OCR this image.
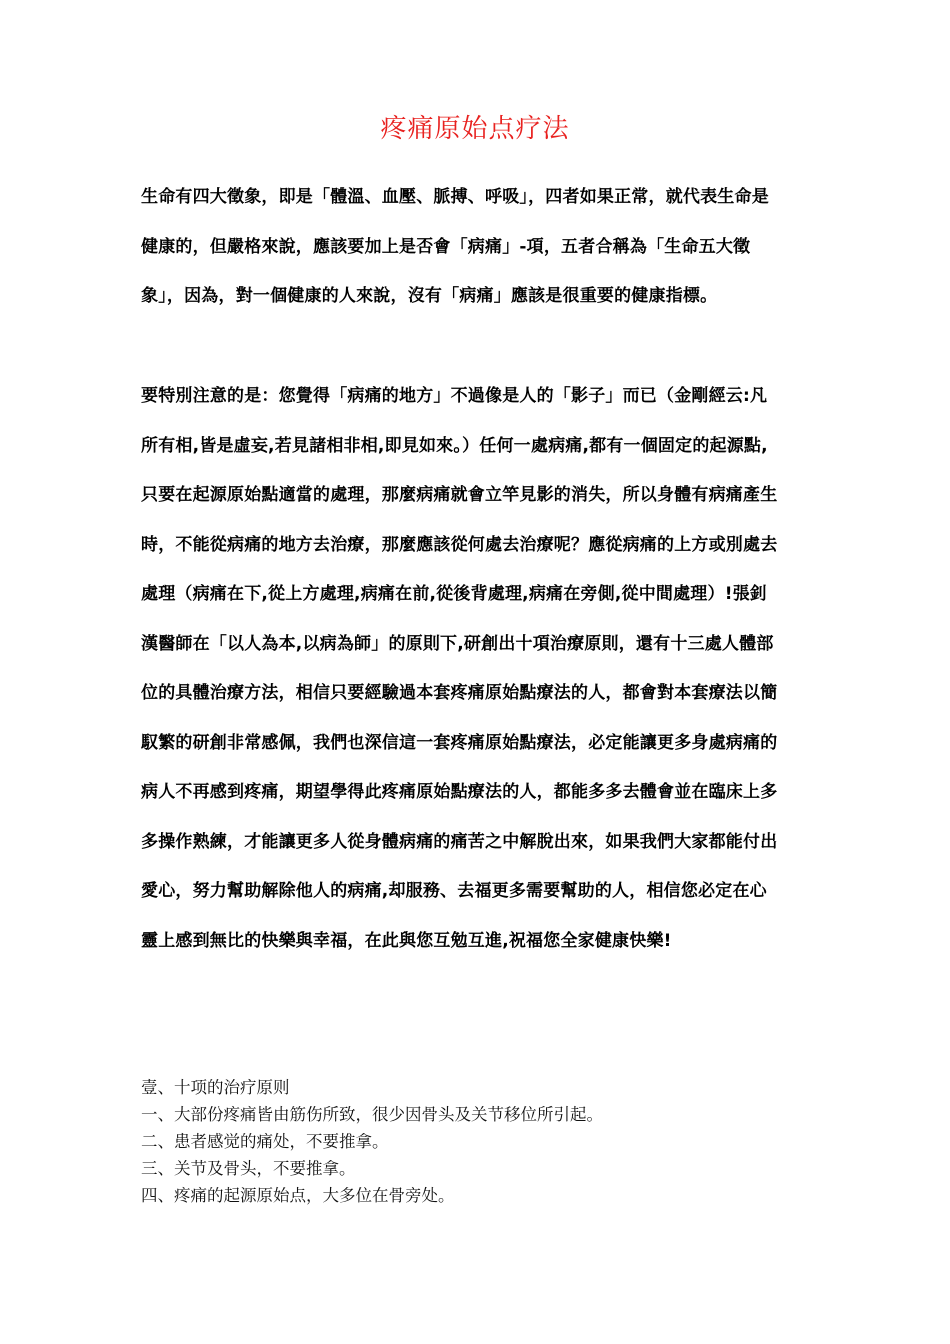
疼痛原始点疗法
生命有四大徵象，即是「體溫、血壓、脈搏、呼吸」，四者如果正常，就代表生命是
健康的，但嚴格來說，應該要加上是否會「病痛」-項，五者合稱為「生命五大徵
象」，因為，對一個健康的人來說，沒有「病痛」應該是很重要的健康指標。
要特別注意的是：您覺得「病痛的地方」不過像是人的「影子」而已（金剛經云:凡
所有相,皆是虛妄,若見諸相非相,即見如來。）任何一處病痛,都有一個固定的起源點,
只要在起源原始點適當的處理，那麼病痛就會立竿見影的消失，所以身體有病痛產生
時，不能從病痛的地方去治療，那麼應該從何處去治療呢？應從病痛的上方或別處去
處理（病痛在下,從上方處理,病痛在前,從後背處理,病痛在旁側,從中間處理）!張釗
漢醫師在「以人為本,以病為師」的原則下,研創出十項治療原則，還有十三處人體部
位的具體治療方法，相信只要經驗過本套疼痛原始點療法的人，都會對本套療法以簡
馭繁的研創非常感佩，我們也深信這一套疼痛原始點療法，必定能讓更多身處病痛的
病人不再感到疼痛，期望學得此疼痛原始點療法的人，都能多多去體會並在臨床上多
多操作熟練，才能讓更多人從身體病痛的痛苦之中解脫出來，如果我們大家都能付出
愛心，努力幫助解除他人的病痛,却服務、去福更多需要幫助的人，相信您必定在心
靈上感到無比的快樂與幸福，在此與您互勉互進,祝福您全家健康快樂!
壹、十项的治疗原则
一、大部份疼痛皆由筋伤所致，很少因骨头及关节移位所引起。
二、患者感觉的痛处，不要推拿。
三、关节及骨头，不要推拿。
四、疼痛的起源原始点，大多位在骨旁处。
